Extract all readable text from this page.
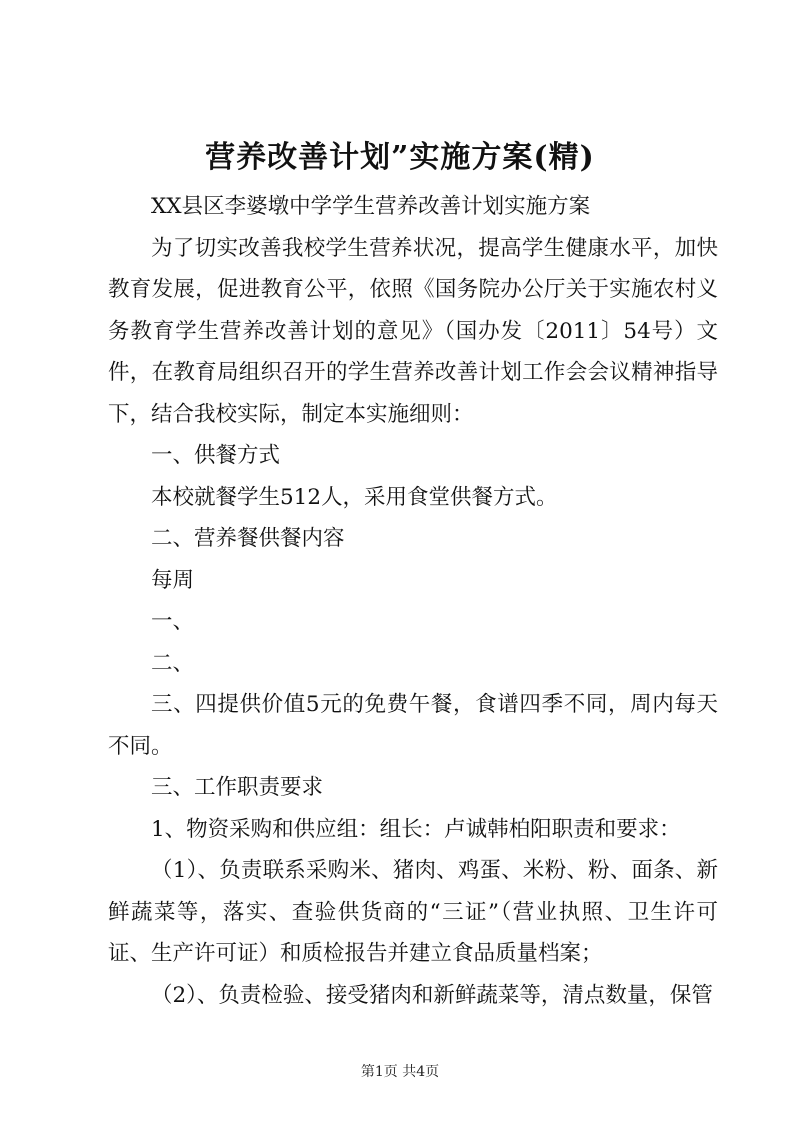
营养改善计划”实施方案(精)

XX县区李婆墩中学学生营养改善计划实施方案

为了切实改善我校学生营养状况，提高学生健康水平，加快教育发展，促进教育公平，依照《国务院办公厅关于实施农村义务教育学生营养改善计划的意见》（国办发〔2011〕54号）文件，在教育局组织召开的学生营养改善计划工作会会议精神指导下，结合我校实际，制定本实施细则：

一、供餐方式

本校就餐学生512人，采用食堂供餐方式。

二、营养餐供餐内容

每周

一、

二、

三、四提供价值5元的免费午餐，食谱四季不同，周内每天不同。

三、工作职责要求

1、物资采购和供应组：组长：卢诚韩柏阳职责和要求：

（1）、负责联系采购米、猪肉、鸡蛋、米粉、粉、面条、新鲜蔬菜等，落实、查验供货商的“三证”（营业执照、卫生许可证、生产许可证）和质检报告并建立食品质量档案；

（2）、负责检验、接受猪肉和新鲜蔬菜等，清点数量，保管

第1页 共4页
